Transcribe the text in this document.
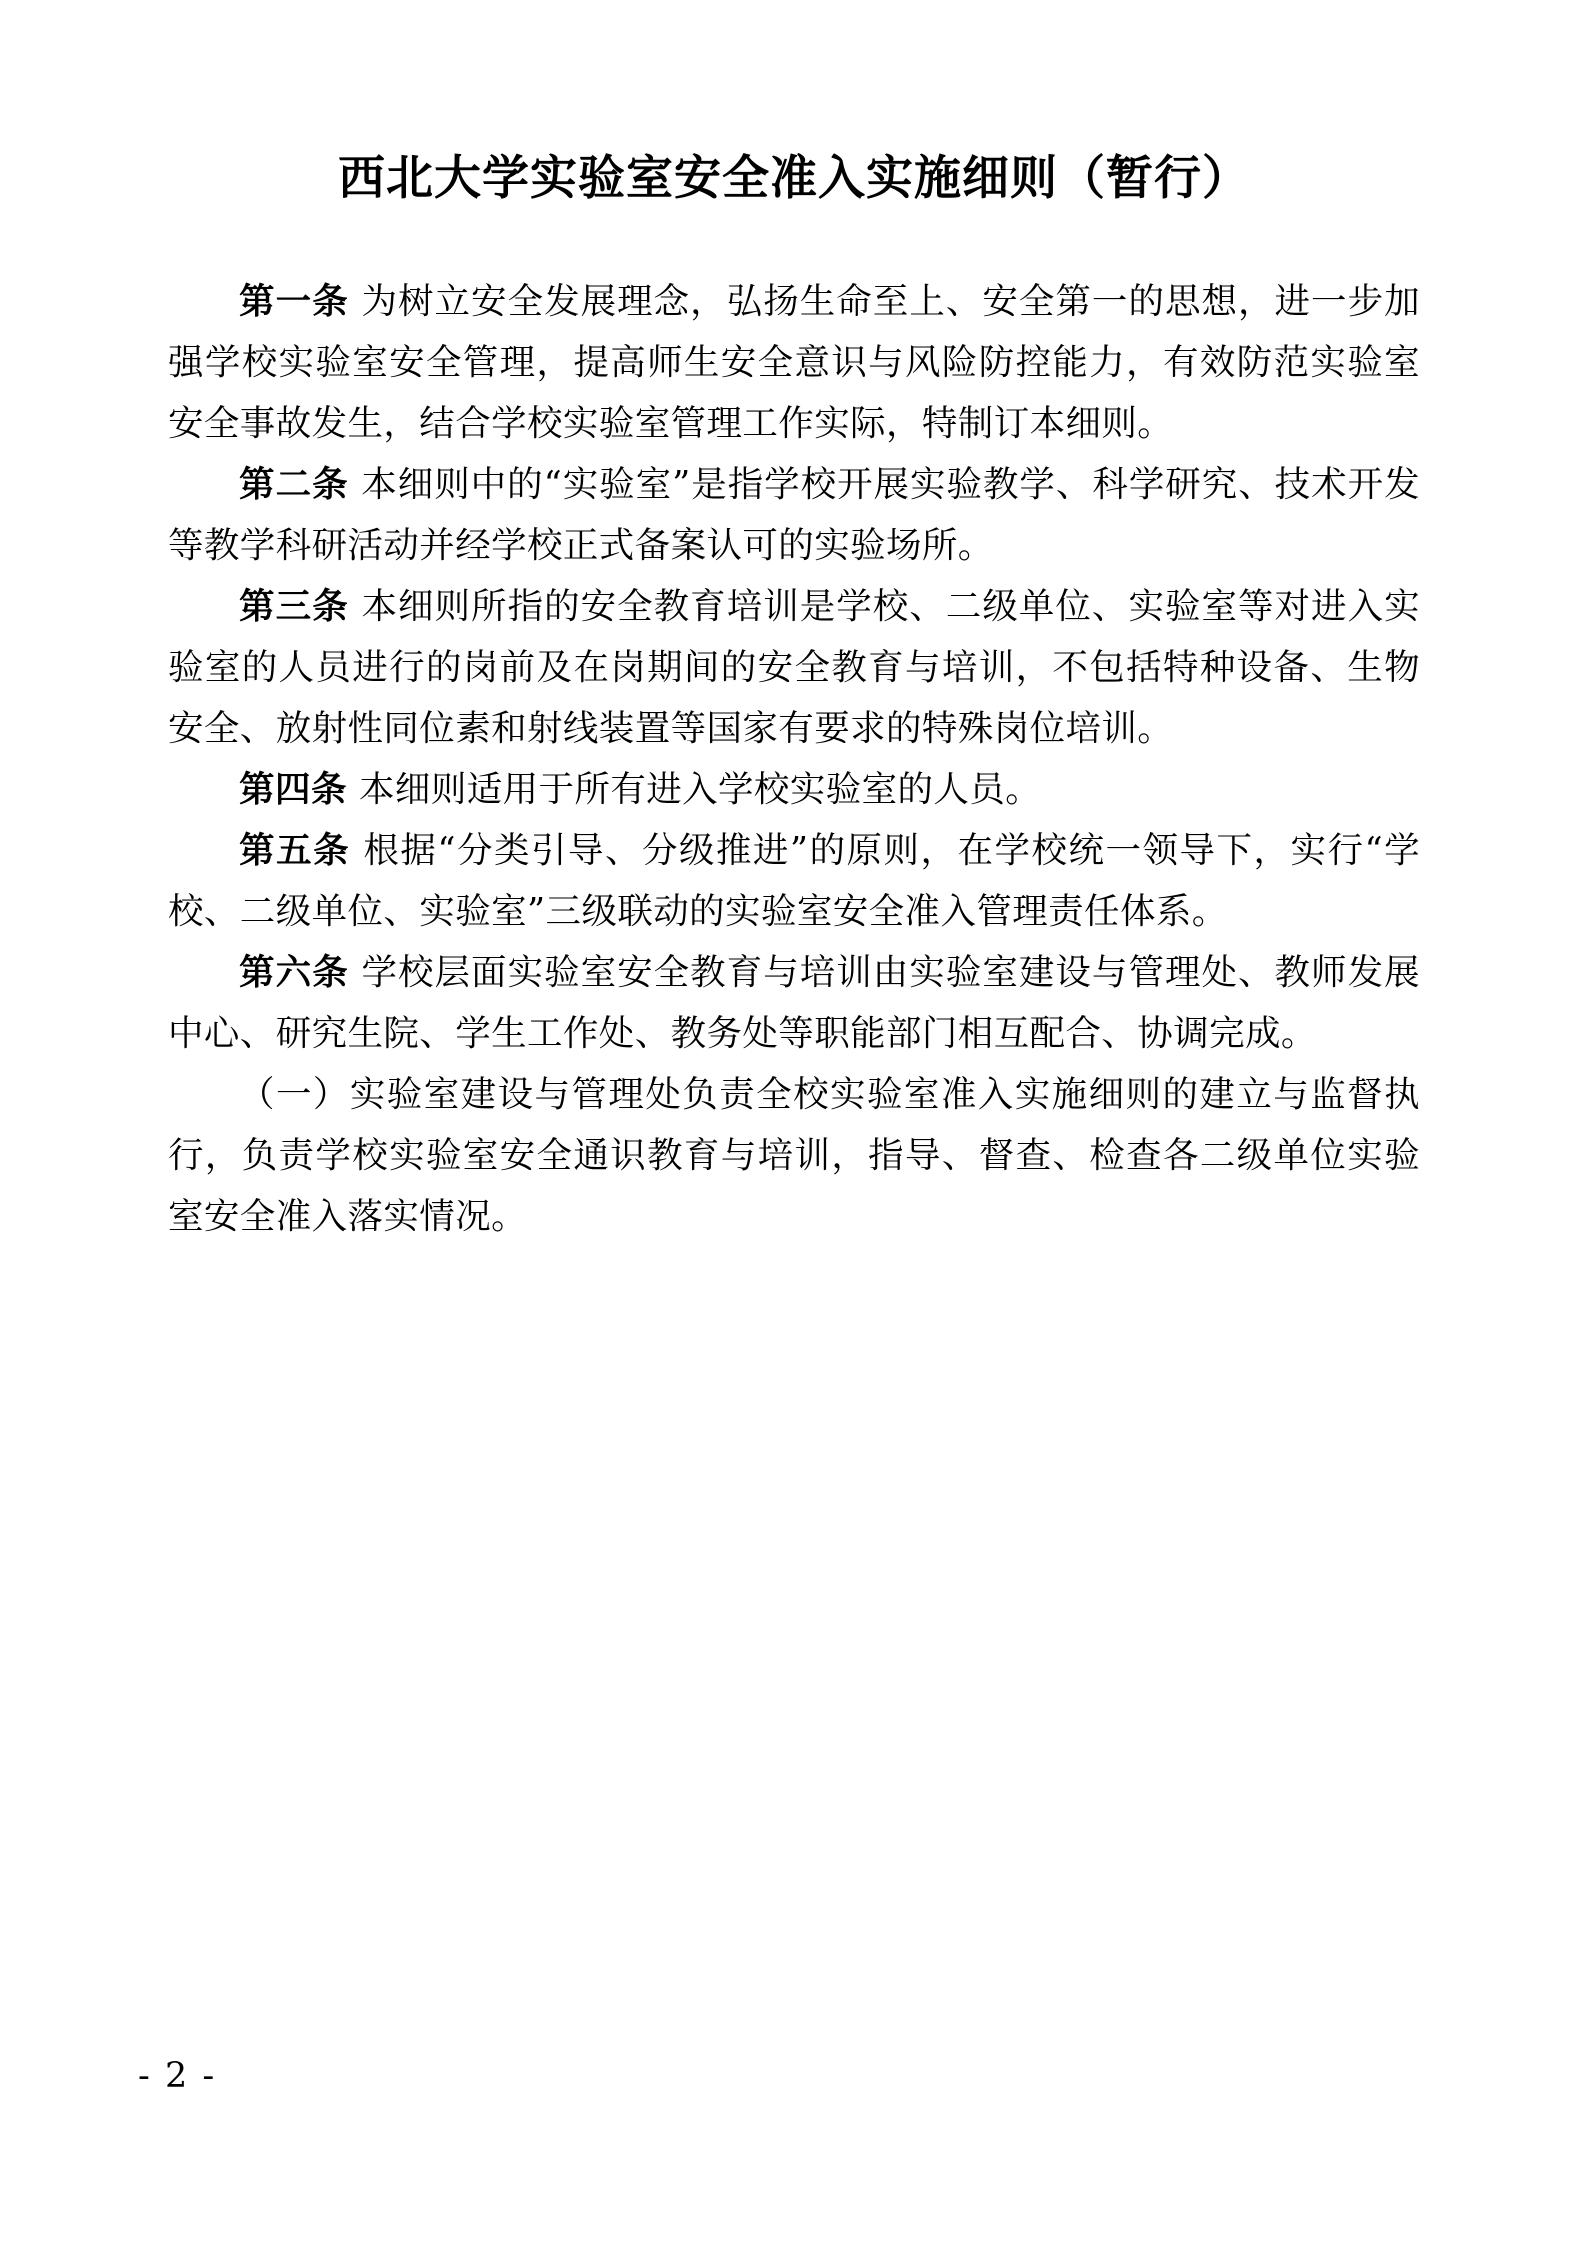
西北大学实验室安全准入实施细则（暂行）

第一条 为树立安全发展理念，弘扬生命至上、安全第一的思想，进一步加强学校实验室安全管理，提高师生安全意识与风险防控能力，有效防范实验室安全事故发生，结合学校实验室管理工作实际，特制订本细则。

第二条 本细则中的“实验室”是指学校开展实验教学、科学研究、技术开发等教学科研活动并经学校正式备案认可的实验场所。

第三条 本细则所指的安全教育培训是学校、二级单位、实验室等对进入实验室的人员进行的岗前及在岗期间的安全教育与培训，不包括特种设备、生物安全、放射性同位素和射线装置等国家有要求的特殊岗位培训。

第四条 本细则适用于所有进入学校实验室的人员。

第五条 根据“分类引导、分级推进”的原则，在学校统一领导下，实行“学校、二级单位、实验室”三级联动的实验室安全准入管理责任体系。

第六条 学校层面实验室安全教育与培训由实验室建设与管理处、教师发展中心、研究生院、学生工作处、教务处等职能部门相互配合、协调完成。

（一）实验室建设与管理处负责全校实验室准入实施细则的建立与监督执行，负责学校实验室安全通识教育与培训，指导、督查、检查各二级单位实验室安全准入落实情况。

- 2 -
